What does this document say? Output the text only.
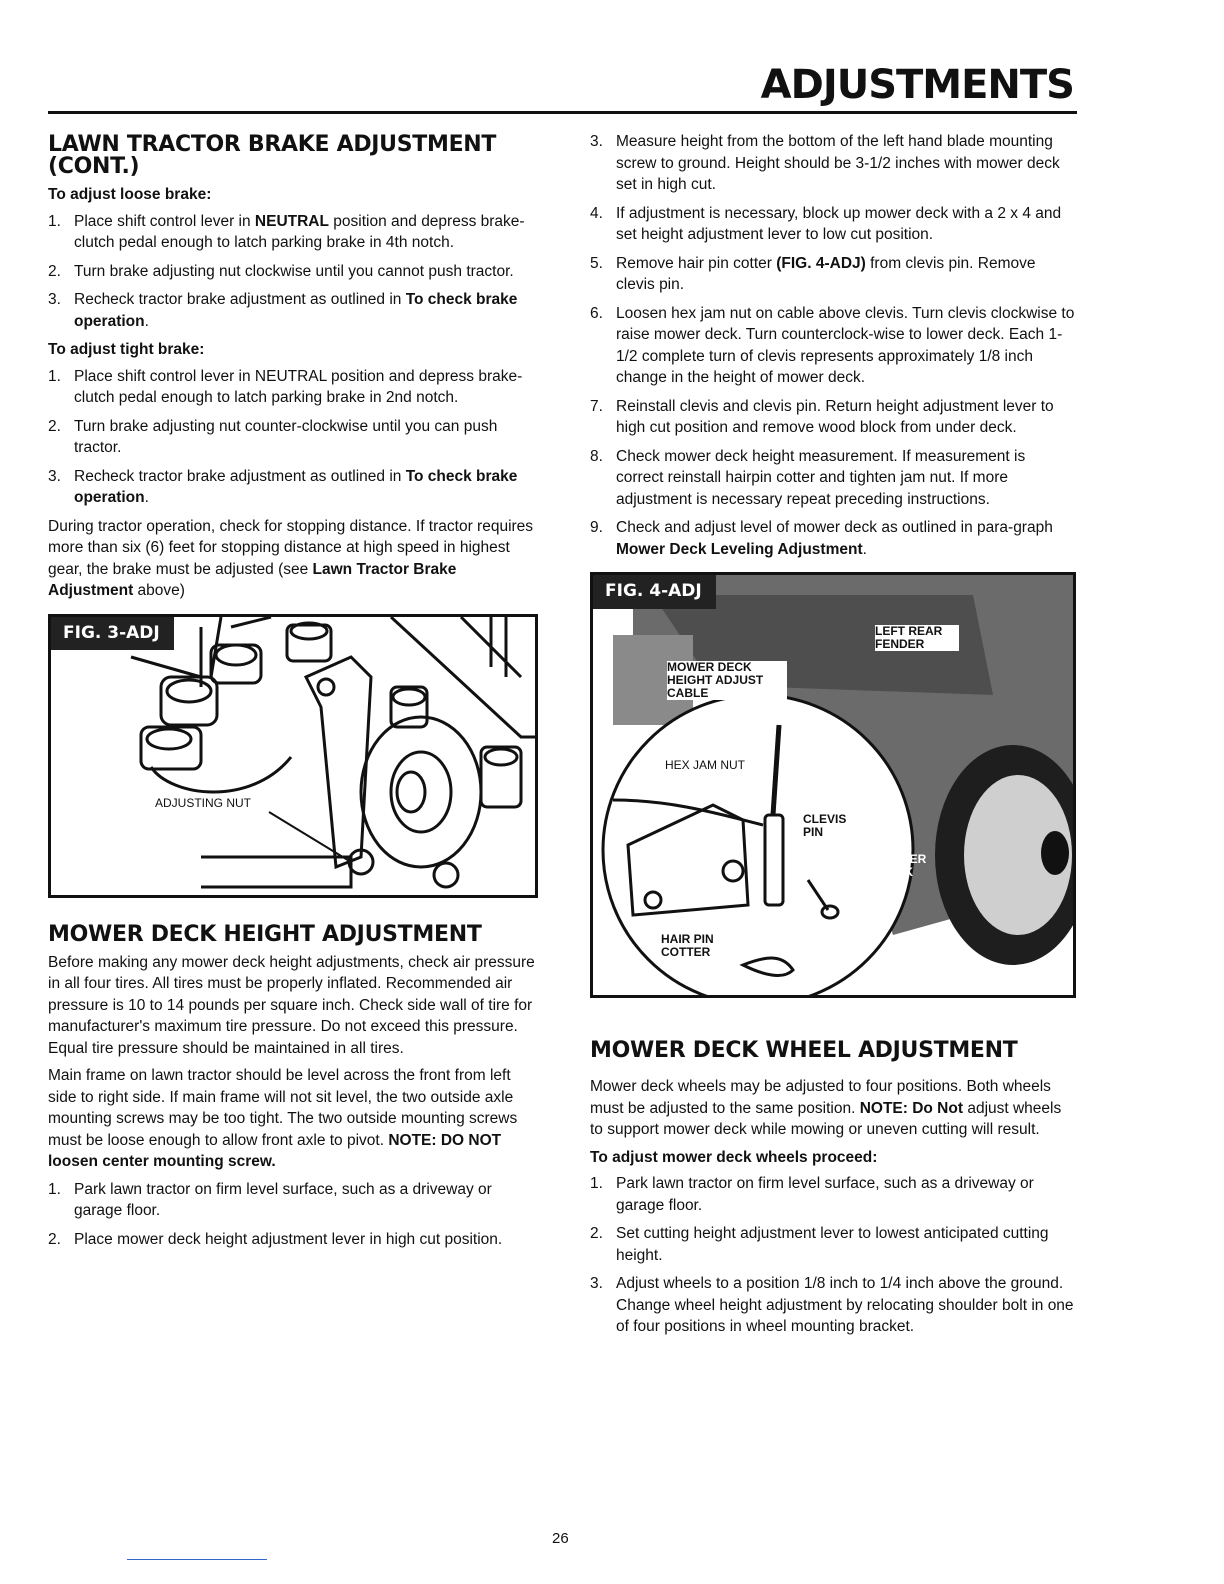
ADJUSTMENTS
LAWN TRACTOR BRAKE ADJUSTMENT
(CONT.)
To adjust loose brake:
1. Place shift control lever in NEUTRAL position and depress brake-clutch pedal enough to latch parking brake in 4th notch.
2. Turn brake adjusting nut clockwise until you cannot push tractor.
3. Recheck tractor brake adjustment as outlined in To check brake operation.
To adjust tight brake:
1. Place shift control lever in NEUTRAL position and depress brake-clutch pedal enough to latch parking brake in 2nd notch.
2. Turn brake adjusting nut counter-clockwise until you can push tractor.
3. Recheck tractor brake adjustment as outlined in To check brake operation.

During tractor operation, check for stopping distance. If tractor requires more than six (6) feet for stopping distance at high speed in highest gear, the brake must be adjusted (see Lawn Tractor Brake Adjustment above)

FIG. 3-ADJ
ADJUSTING NUT
MOWER DECK HEIGHT ADJUSTMENT

Before making any mower deck height adjustments, check air pressure in all four tires. All tires must be properly inflated. Recommended air pressure is 10 to 14 pounds per square inch. Check side wall of tire for manufacturer's maximum tire pressure. Do not exceed this pressure. Equal tire pressure should be maintained in all tires.

Main frame on lawn tractor should be level across the front from left side to right side. If main frame will not sit level, the two outside axle mounting screws may be too tight. The two outside mounting screws must be loose enough to allow front axle to pivot. NOTE: DO NOT loosen center mounting screw.

1. Park lawn tractor on firm level surface, such as a driveway or garage floor.
2. Place mower deck height adjustment lever in high cut position.
3. Measure height from the bottom of the left hand blade mounting screw to ground. Height should be 3-1/2 inches with mower deck set in high cut.
4. If adjustment is necessary, block up mower deck with a 2 x 4 and set height adjustment lever to low cut position.
5. Remove hair pin cotter (FIG. 4-ADJ) from clevis pin. Remove clevis pin.
6. Loosen hex jam nut on cable above clevis. Turn clevis clockwise to raise mower deck. Turn counterclock-wise to lower deck. Each 1-1/2 complete turn of clevis represents approximately 1/8 inch change in the height of mower deck.
7. Reinstall clevis and clevis pin. Return height adjustment lever to high cut position and remove wood block from under deck.
8. Check mower deck height measurement. If measurement is correct reinstall hairpin cotter and tighten jam nut. If more adjustment is necessary repeat preceding instructions.
9. Check and adjust level of mower deck as outlined in para-graph Mower Deck Leveling Adjustment.
FIG. 4-ADJ
LEFT REAR FENDER
MOWER DECK HEIGHT ADJUST CABLE
HEX JAM NUT
CLEVIS PIN
MOWER DECK
HAIR PIN COTTER
MOWER DECK WHEEL ADJUSTMENT

Mower deck wheels may be adjusted to four positions. Both wheels must be adjusted to the same position. NOTE: Do Not adjust wheels to support mower deck while mowing or uneven cutting will result.

To adjust mower deck wheels proceed:
1. Park lawn tractor on firm level surface, such as a driveway or garage floor.
2. Set cutting height adjustment lever to lowest anticipated cutting height.
3. Adjust wheels to a position 1/8 inch to 1/4 inch above the ground. Change wheel height adjustment by relocating shoulder bolt in one of four positions in wheel mounting bracket.
26
